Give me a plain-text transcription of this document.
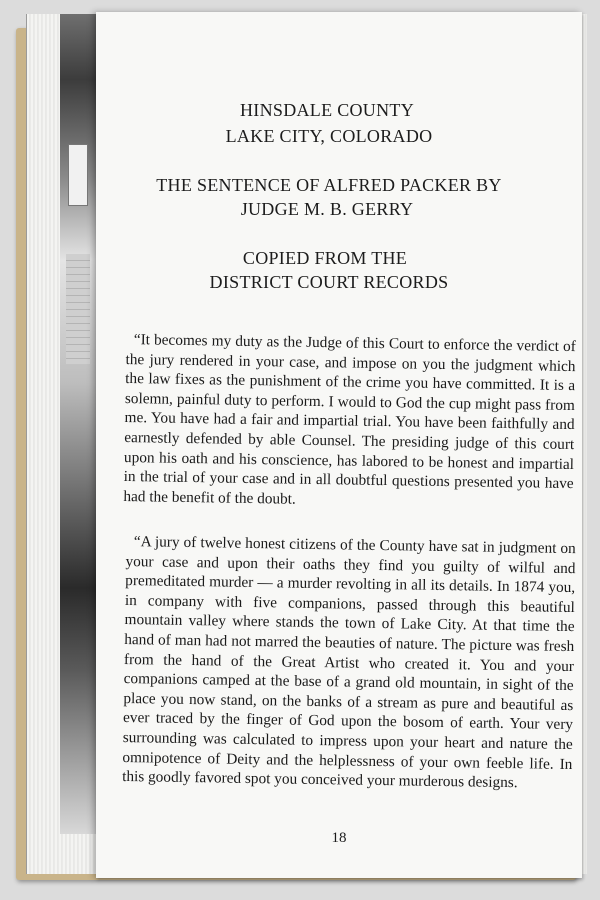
HINSDALE COUNTY

LAKE CITY, COLORADO

THE SENTENCE OF ALFRED PACKER BY

JUDGE M. B. GERRY

COPIED FROM THE

DISTRICT COURT RECORDS

“It becomes my duty as the Judge of this Court to enforce the verdict of the jury rendered in your case, and impose on you the judgment which the law fixes as the punishment of the crime you have committed. It is a solemn, painful duty to perform. I would to God the cup might pass from me. You have had a fair and impartial trial. You have been faithfully and earnestly defended by able Counsel. The presiding judge of this court upon his oath and his conscience, has labored to be honest and impartial in the trial of your case and in all doubtful questions presented you have had the benefit of the doubt.

“A jury of twelve honest citizens of the County have sat in judgment on your case and upon their oaths they find you guilty of wilful and premeditated murder — a murder revolting in all its details. In 1874 you, in company with five companions, passed through this beautiful mountain valley where stands the town of Lake City. At that time the hand of man had not marred the beauties of nature. The picture was fresh from the hand of the Great Artist who created it. You and your companions camped at the base of a grand old mountain, in sight of the place you now stand, on the banks of a stream as pure and beautiful as ever traced by the finger of God upon the bosom of earth. Your very surrounding was calculated to impress upon your heart and nature the omnipotence of Deity and the helplessness of your own feeble life. In this goodly favored spot you conceived your murderous designs.

18
